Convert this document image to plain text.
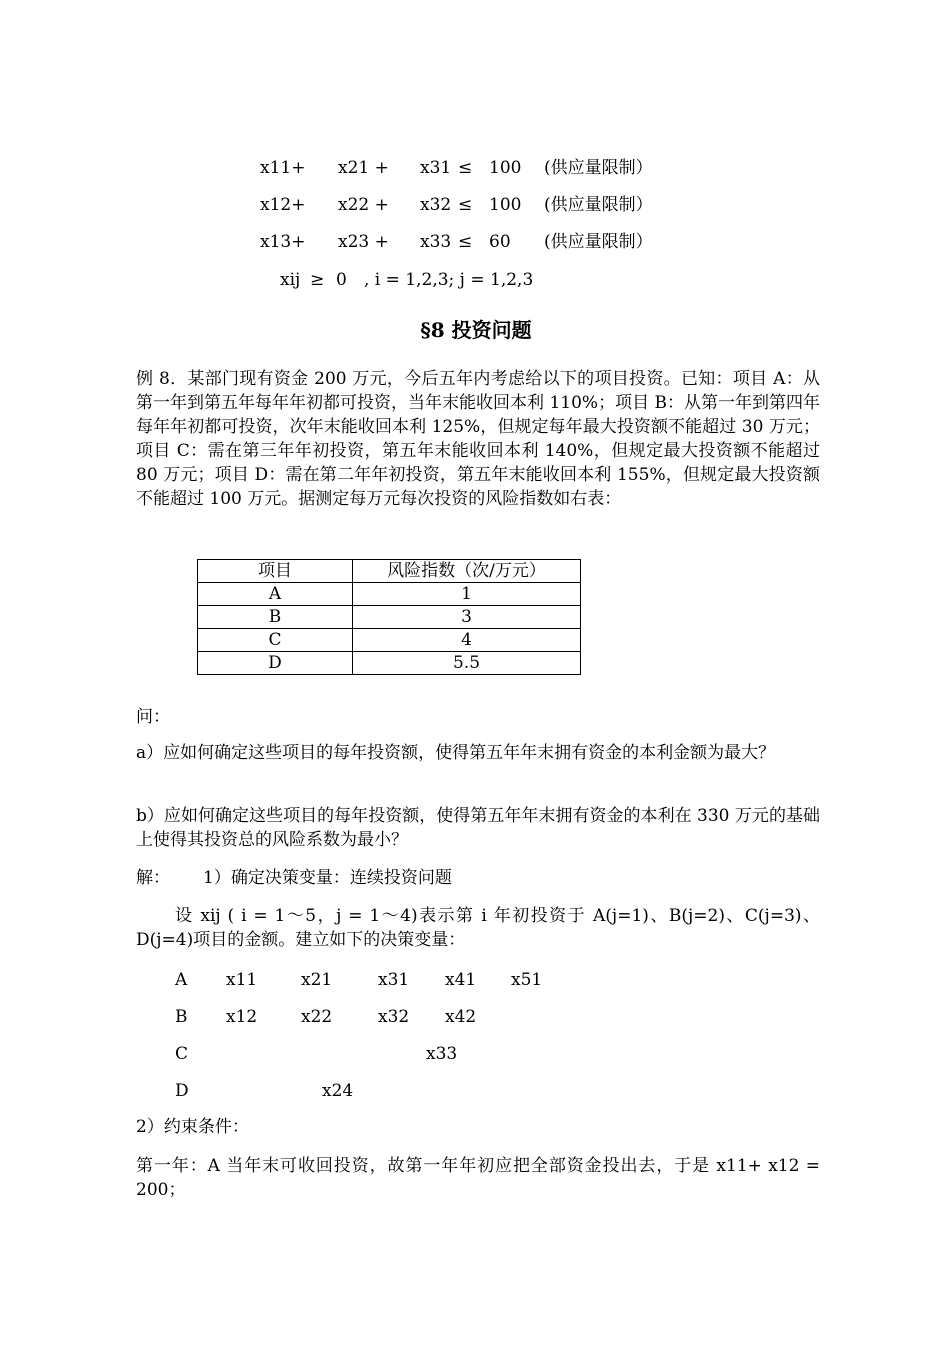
x11+ x21 + x31 ≤ 100 (供应量限制）
x12+ x22 + x32 ≤ 100 (供应量限制）
x13+ x23 + x33 ≤ 60 (供应量限制）
xij ≥ 0 , i = 1,2,3; j = 1,2,3
§8 投资问题
例 8．某部门现有资金 200 万元，今后五年内考虑给以下的项目投资。已知：项目 A：从第一年到第五年每年年初都可投资，当年末能收回本利 110%；项目 B：从第一年到第四年每年年初都可投资，次年末能收回本利 125%，但规定每年最大投资额不能超过 30 万元；项目 C：需在第三年年初投资，第五年末能收回本利 140%，但规定最大投资额不能超过 80 万元；项目 D：需在第二年年初投资，第五年末能收回本利 155%，但规定最大投资额不能超过 100 万元。据测定每万元每次投资的风险指数如右表：
项目	风险指数（次/万元）
A	1
B	3
C	4
D	5.5
问：
a）应如何确定这些项目的每年投资额，使得第五年年末拥有资金的本利金额为最大？
b）应如何确定这些项目的每年投资额，使得第五年年末拥有资金的本利在 330 万元的基础上使得其投资总的风险系数为最小？
解： 1）确定决策变量：连续投资问题
设 xij ( i = 1～5，j = 1～4)表示第 i 年初投资于 A(j=1)、B(j=2)、C(j=3)、D(j=4)项目的金额。建立如下的决策变量：
A x11	x21	x31 x41 x51
B x12	x22	x32 x42
C	x33
D	x24
2）约束条件：
第一年：A 当年末可收回投资，故第一年年初应把全部资金投出去，于是 x11+ x12 = 200；
